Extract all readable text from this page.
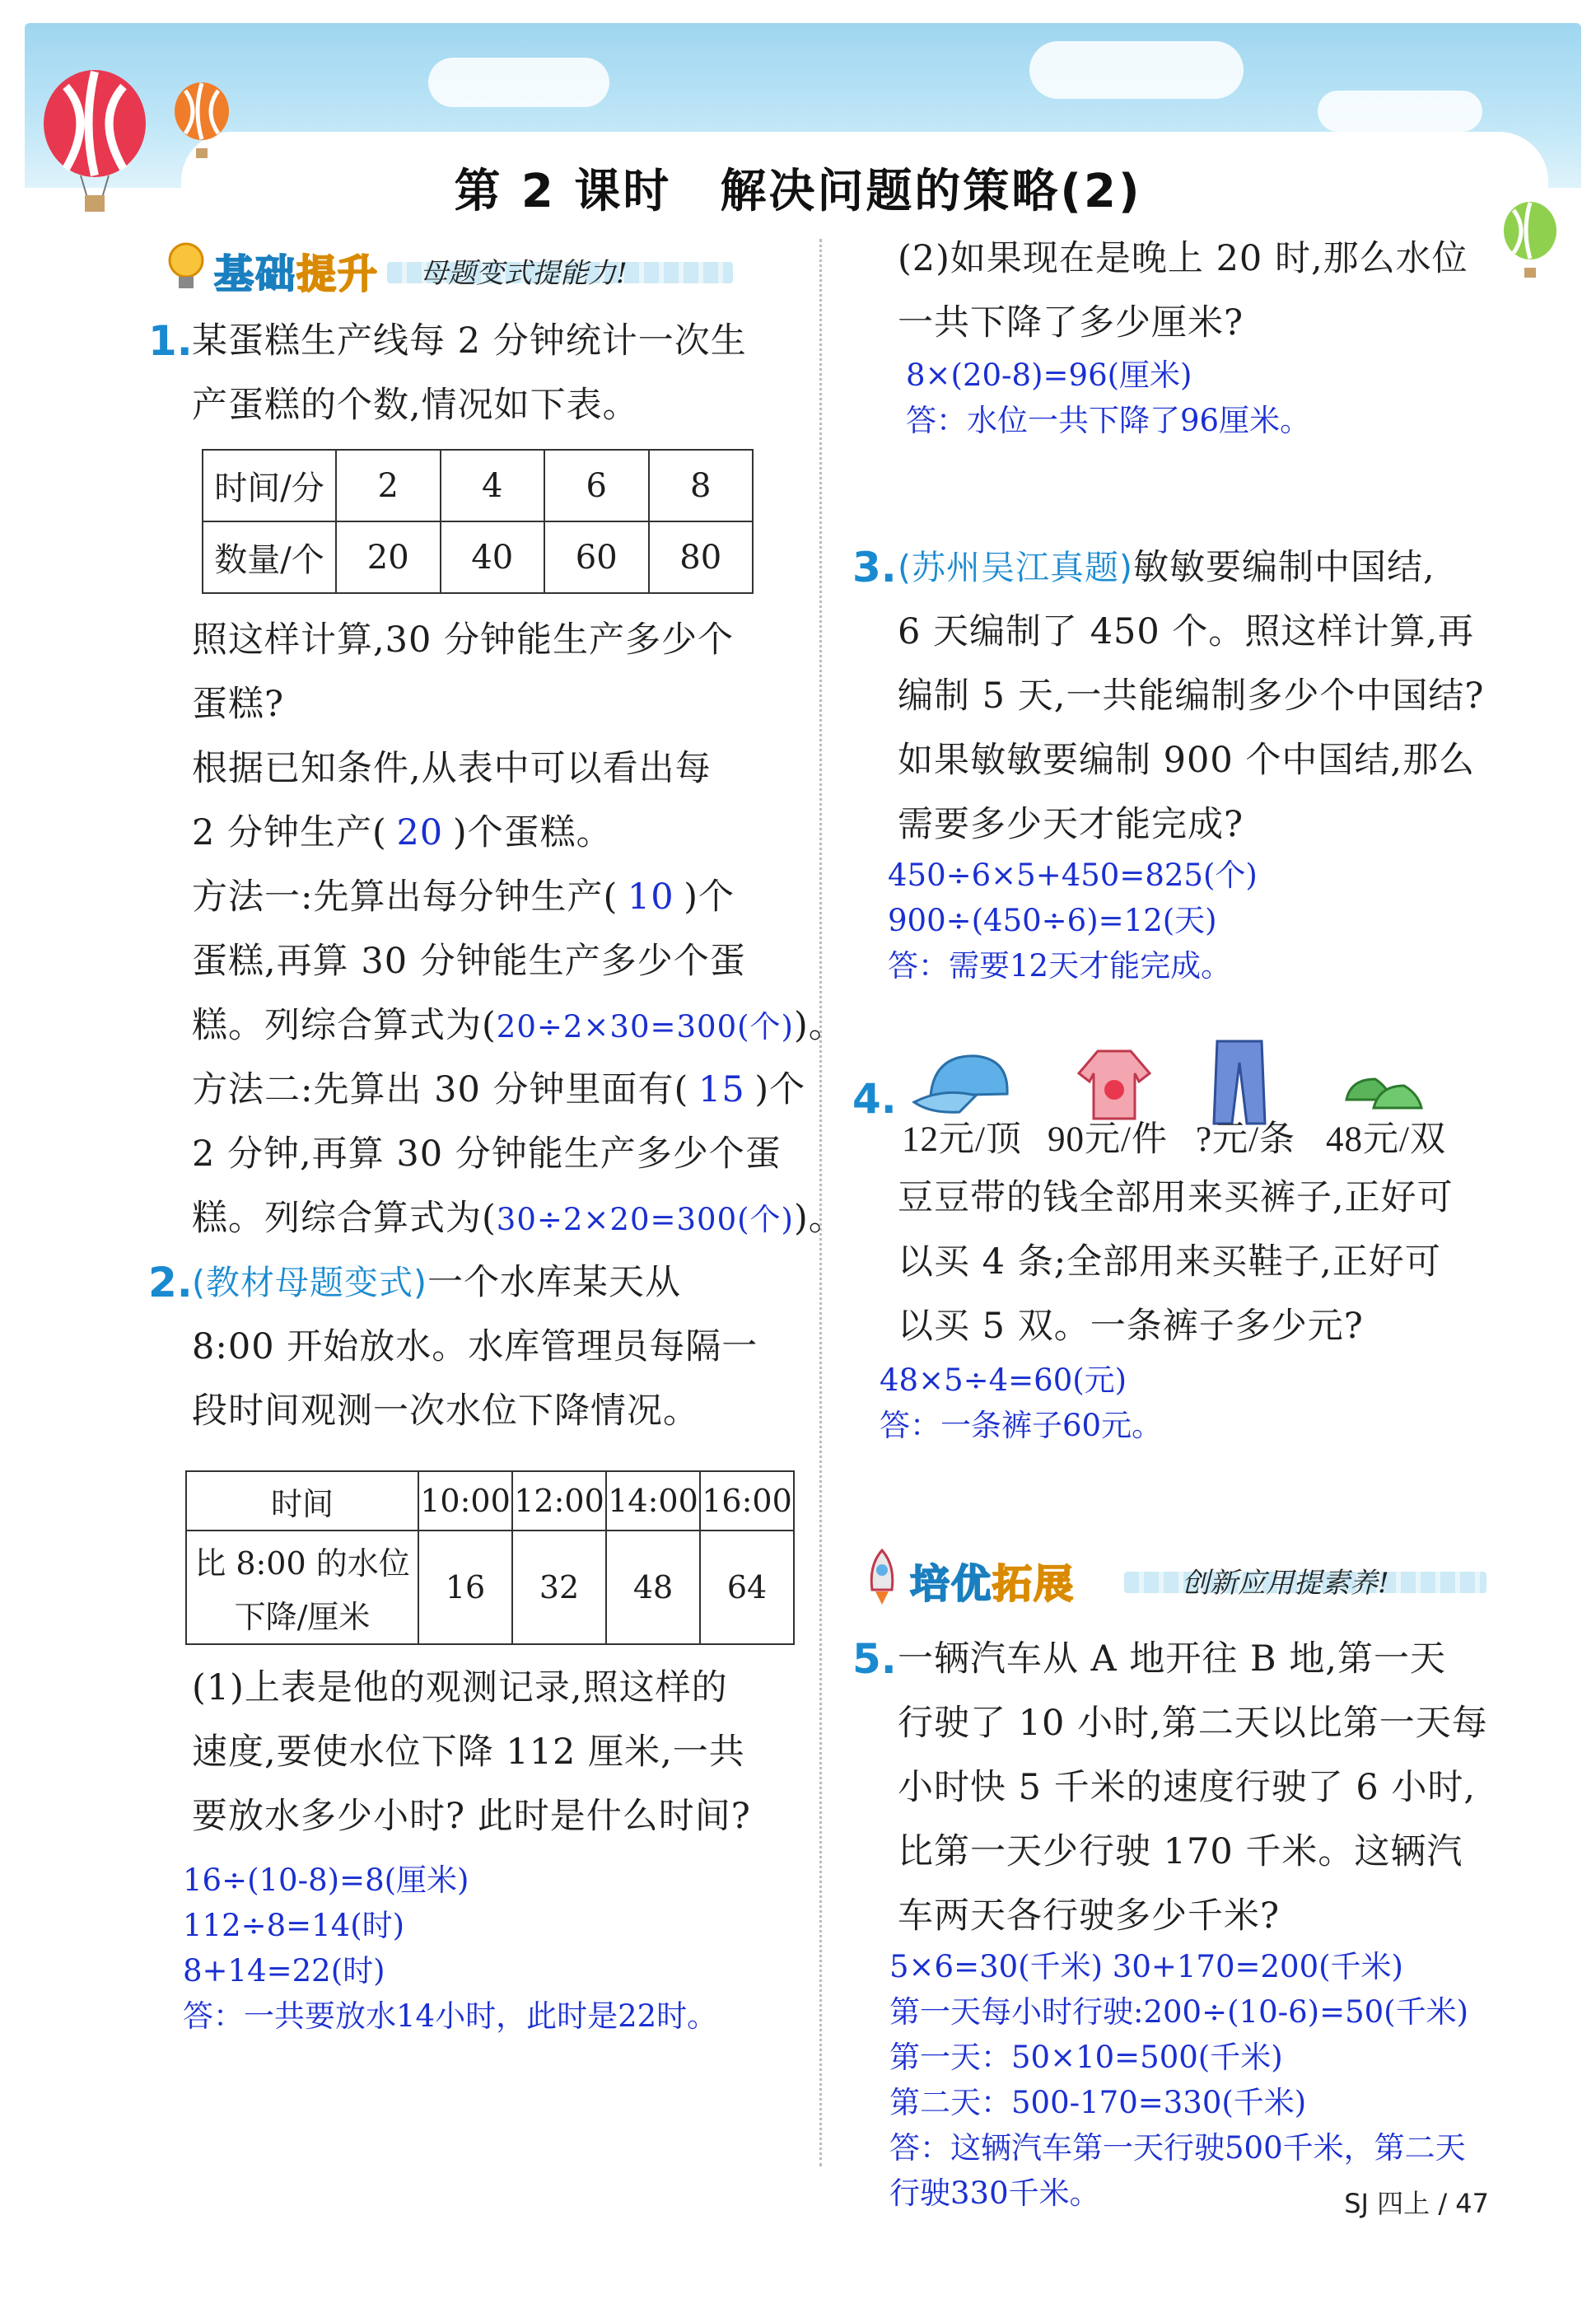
第 2 课时　解决问题的策略(2)
基础提升 母题变式提能力!
1. 某蛋糕生产线每 2 分钟统计一次生
产蛋糕的个数,情况如下表。
时间/分	2	4	6	8
数量/个	20	40	60	80
照这样计算,30 分钟能生产多少个
蛋糕?
根据已知条件,从表中可以看出每
2 分钟生产( 20 )个蛋糕。
方法一:先算出每分钟生产( 10 )个
蛋糕,再算 30 分钟能生产多少个蛋
糕。列综合算式为(20÷2×30=300(个))。
方法二:先算出 30 分钟里面有( 15 )个
2 分钟,再算 30 分钟能生产多少个蛋
糕。列综合算式为(30÷2×20=300(个))。
2. (教材母题变式)一个水库某天从
8:00 开始放水。水库管理员每隔一
段时间观测一次水位下降情况。
时间	10:00	12:00	14:00	16:00

比 8:00 的水位
下降/厘米	16	32	48	64
(1)上表是他的观测记录,照这样的
速度,要使水位下降 112 厘米,一共
要放水多少小时? 此时是什么时间?
16÷(10-8)=8(厘米)
112÷8=14(时)
8+14=22(时)
答：一共要放水14小时，此时是22时。
(2)如果现在是晚上 20 时,那么水位
一共下降了多少厘米?
8×(20-8)=96(厘米)
答：水位一共下降了96厘米。
3. (苏州吴江真题)敏敏要编制中国结,
6 天编制了 450 个。照这样计算,再
编制 5 天,一共能编制多少个中国结?
如果敏敏要编制 900 个中国结,那么
需要多少天才能完成?
450÷6×5+450=825(个)
900÷(450÷6)=12(天)
答：需要12天才能完成。
4.
12元/顶 90元/件 ?元/条 48元/双
豆豆带的钱全部用来买裤子,正好可
以买 4 条;全部用来买鞋子,正好可
以买 5 双。一条裤子多少元?
48×5÷4=60(元)
答：一条裤子60元。
培优拓展	创新应用提素养!
5. 一辆汽车从 A 地开往 B 地,第一天
行驶了 10 小时,第二天以比第一天每
小时快 5 千米的速度行驶了 6 小时,
比第一天少行驶 170 千米。这辆汽
车两天各行驶多少千米?
5×6=30(千米) 30+170=200(千米)
第一天每小时行驶:200÷(10-6)=50(千米)
第一天：50×10=500(千米)
第二天：500-170=330(千米)
答：这辆汽车第一天行驶500千米，第二天
行驶330千米。	SJ 四上 / 47
